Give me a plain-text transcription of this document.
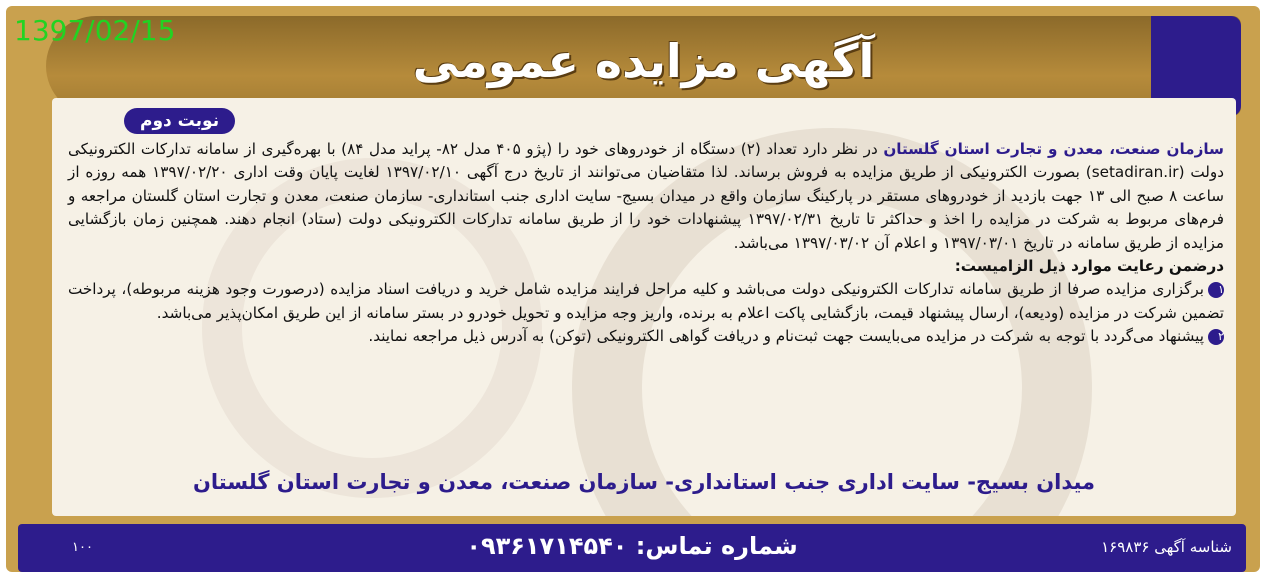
1397/02/15
آگهی مزایده عمومی
نوبت دوم

سازمان صنعت، معدن و تجارت استان گلستان در نظر دارد تعداد (۲) دستگاه از خودروهای خود را (پژو ۴۰۵ مدل ۸۲- پراید مدل ۸۴) با بهره‌گیری از سامانه تدارکات الکترونیکی دولت (setadiran.ir) بصورت الکترونیکی از طریق مزایده به فروش برساند. لذا متقاضیان می‌توانند از تاریخ درج آگهی ۱۳۹۷/۰۲/۱۰ لغایت پایان وقت اداری ۱۳۹۷/۰۲/۲۰ همه روزه از ساعت ۸ صبح الی ۱۳ جهت بازدید از خودروهای مستقر در پارکینگ سازمان واقع در میدان بسیج- سایت اداری جنب استانداری- سازمان صنعت، معدن و تجارت استان گلستان مراجعه و فرم‌های مربوط به شرکت در مزایده را اخذ و حداکثر تا تاریخ ۱۳۹۷/۰۲/۳۱ پیشنهادات خود را از طریق سامانه تدارکات الکترونیکی دولت (ستاد) انجام دهند. همچنین زمان بازگشایی مزایده از طریق سامانه در تاریخ ۱۳۹۷/۰۳/۰۱ و اعلام آن ۱۳۹۷/۰۳/۰۲ می‌باشد.

درضمن رعایت موارد ذیل الزامیست:

۱برگزاری مزایده صرفا از طریق سامانه تدارکات الکترونیکی دولت می‌باشد و کلیه مراحل فرایند مزایده شامل خرید و دریافت اسناد مزایده (درصورت وجود هزینه مربوطه)، پرداخت تضمین شرکت در مزایده (ودیعه)، ارسال پیشنهاد قیمت، بازگشایی پاکت اعلام به برنده، واریز وجه مزایده و تحویل خودرو در بستر سامانه از این طریق امکان‌پذیر می‌باشد.

۲پیشنهاد می‌گردد با توجه به شرکت در مزایده می‌بایست جهت ثبت‌نام و دریافت گواهی الکترونیکی (توکن) به آدرس ذیل مراجعه نمایند.

میدان بسیج- سایت اداری جنب استانداری- سازمان صنعت، معدن و تجارت استان گلستان
شناسه آگهی ۱۶۹۸۳۶
شماره تماس: ۰۹۳۶۱۷۱۴۵۴۰
۱۰۰
